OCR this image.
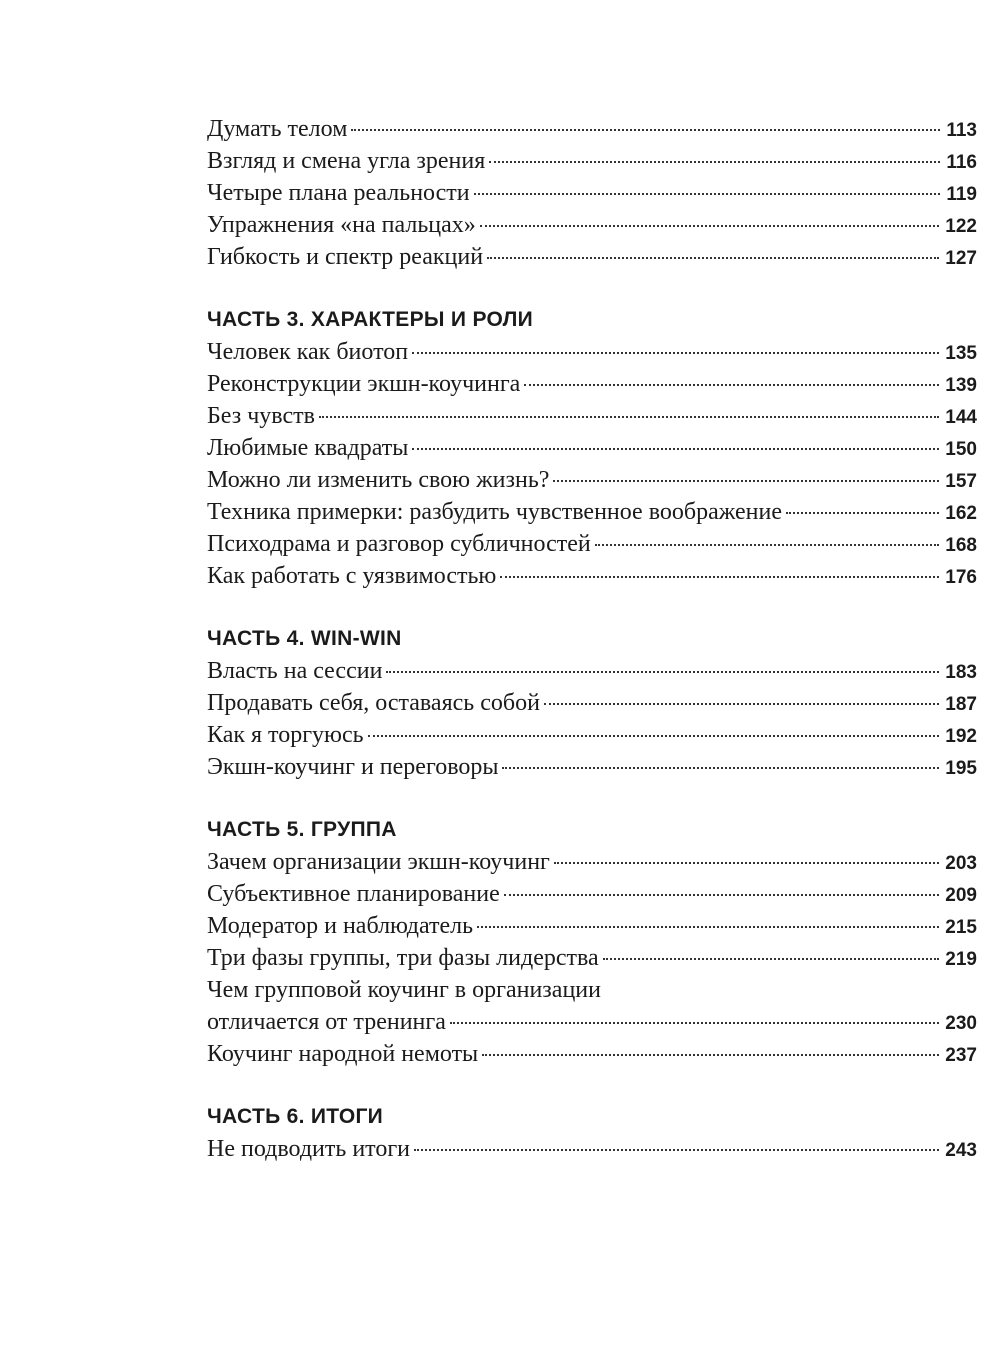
Думать телом	113
Взгляд и смена угла зрения	116
Четыре плана реальности	119
Упражнения «на пальцах»	122
Гибкость и спектр реакций	127
ЧАСТЬ 3. ХАРАКТЕРЫ И РОЛИ
Человек как биотоп	135
Реконструкции экшн-коучинга	139
Без чувств	144
Любимые квадраты	150
Можно ли изменить свою жизнь?	157
Техника примерки: разбудить чувственное воображение	162
Психодрама и разговор субличностей	168
Как работать с уязвимостью	176
ЧАСТЬ 4. WIN-WIN
Власть на сессии	183
Продавать себя, оставаясь собой	187
Как я торгуюсь	192
Экшн-коучинг и переговоры	195
ЧАСТЬ 5. ГРУППА
Зачем организации экшн-коучинг	203
Субъективное планирование	209
Модератор и наблюдатель	215
Три фазы группы, три фазы лидерства	219
Чем групповой коучинг в организации
отличается от тренинга	230
Коучинг народной немоты	237
ЧАСТЬ 6. ИТОГИ
Не подводить итоги	243
